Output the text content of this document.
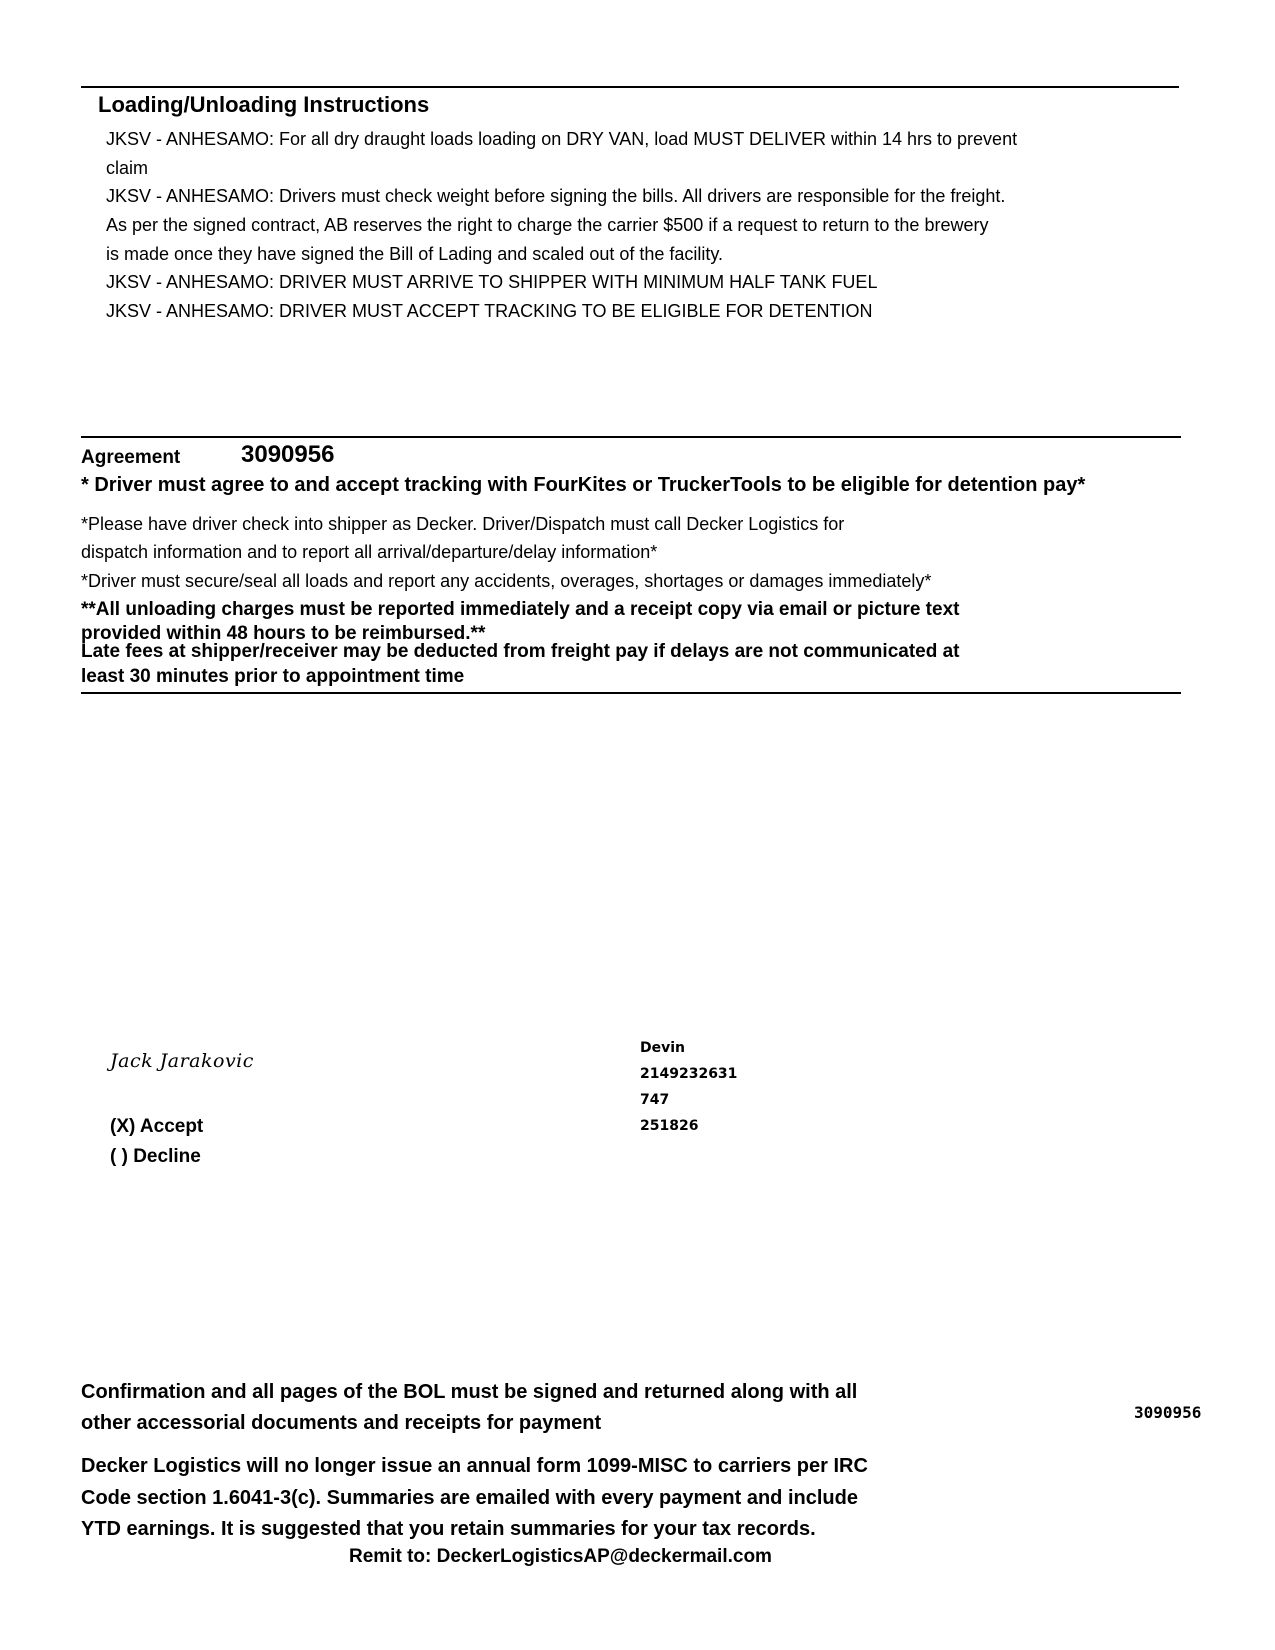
Loading/Unloading Instructions
JKSV - ANHESAMO: For all dry draught loads loading on DRY VAN, load MUST DELIVER within 14 hrs to prevent
claim
JKSV - ANHESAMO: Drivers must check weight before signing the bills. All drivers are responsible for the freight.
As per the signed contract, AB reserves the right to charge the carrier $500 if a request to return to the brewery
is made once they have signed the Bill of Lading and scaled out of the facility.
JKSV - ANHESAMO: DRIVER MUST ARRIVE TO SHIPPER WITH MINIMUM HALF TANK FUEL
JKSV - ANHESAMO: DRIVER MUST ACCEPT TRACKING TO BE ELIGIBLE FOR DETENTION
Agreement	3090956
* Driver must agree to and accept tracking with FourKites or TruckerTools to be eligible for detention pay*
*Please have driver check into shipper as Decker. Driver/Dispatch must call Decker Logistics for
dispatch information and to report all arrival/departure/delay information*
*Driver must secure/seal all loads and report any accidents, overages, shortages or damages immediately*
**All unloading charges must be reported immediately and a receipt copy via email or picture text
provided within 48 hours to be reimbursed.**
Late fees at shipper/receiver may be deducted from freight pay if delays are not communicated at
least 30 minutes prior to appointment time
Jack Jarakovic
(X) Accept
( ) Decline
Devin
2149232631
747
251826
Confirmation and all pages of the BOL must be signed and returned along with all
other accessorial documents and receipts for payment	3090956
Decker Logistics will no longer issue an annual form 1099-MISC to carriers per IRC
Code section 1.6041-3(c). Summaries are emailed with every payment and include
YTD earnings. It is suggested that you retain summaries for your tax records.
Remit to: DeckerLogisticsAP@deckermail.com
